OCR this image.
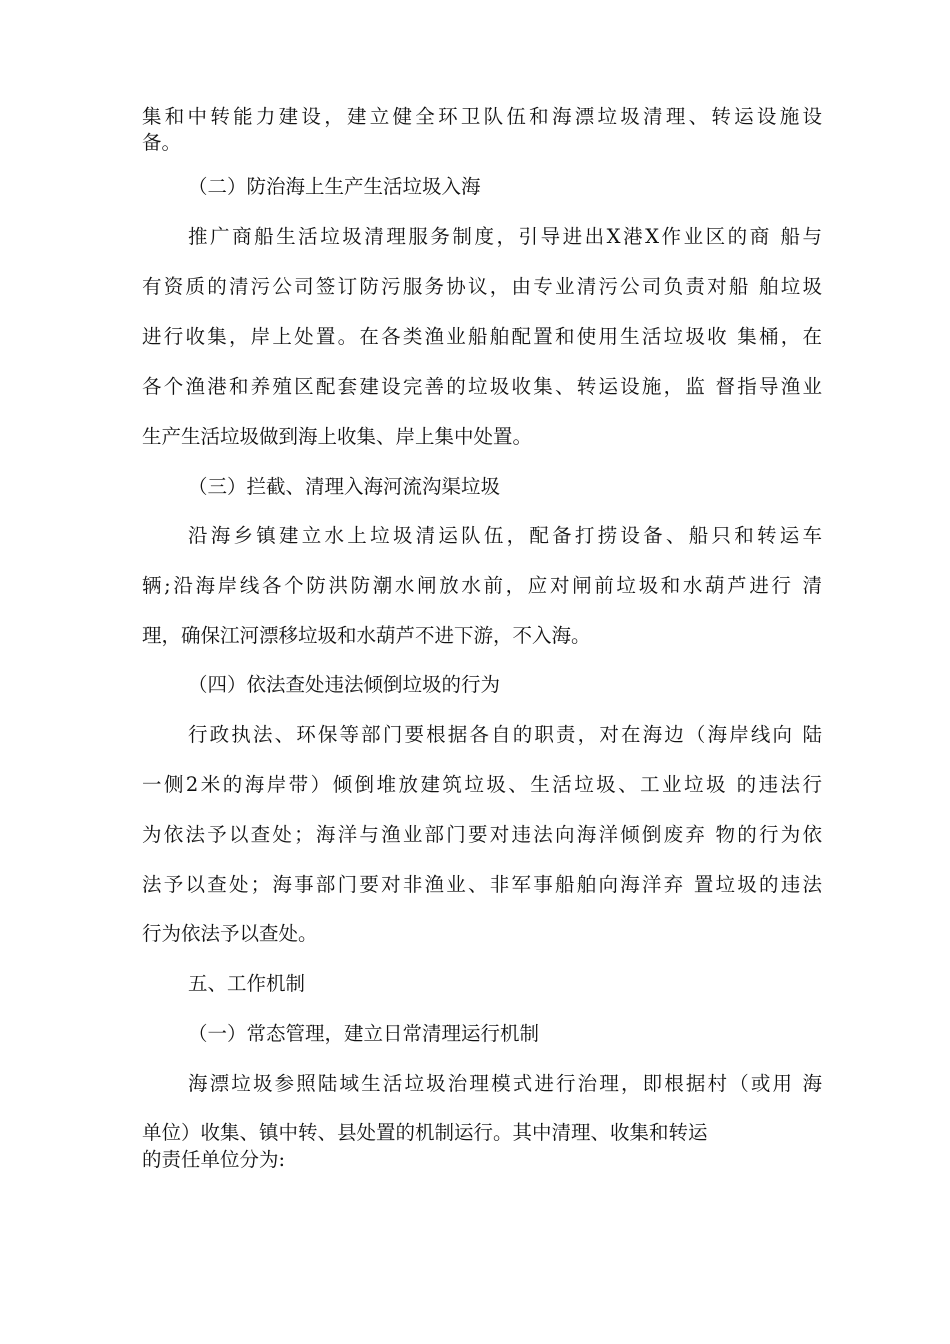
集和中转能力建设，建立健全环卫队伍和海漂垃圾清理、转运设施设
备。
（二）防治海上生产生活垃圾入海
推广商船生活垃圾清理服务制度，引导进出X港X作业区的商 船与
有资质的清污公司签订防污服务协议，由专业清污公司负责对船 舶垃圾
进行收集，岸上处置。在各类渔业船舶配置和使用生活垃圾收 集桶，在
各个渔港和养殖区配套建设完善的垃圾收集、转运设施，监 督指导渔业
生产生活垃圾做到海上收集、岸上集中处置。
（三）拦截、清理入海河流沟渠垃圾
沿海乡镇建立水上垃圾清运队伍，配备打捞设备、船只和转运车
辆;沿海岸线各个防洪防潮水闸放水前，应对闸前垃圾和水葫芦进行 清
理，确保江河漂移垃圾和水葫芦不进下游，不入海。
（四）依法查处违法倾倒垃圾的行为
行政执法、环保等部门要根据各自的职责，对在海边（海岸线向 陆
一侧2米的海岸带）倾倒堆放建筑垃圾、生活垃圾、工业垃圾 的违法行
为依法予以查处；海洋与渔业部门要对违法向海洋倾倒废弃 物的行为依
法予以查处；海事部门要对非渔业、非军事船舶向海洋弃 置垃圾的违法
行为依法予以查处。
五、工作机制
（一）常态管理，建立日常清理运行机制
海漂垃圾参照陆域生活垃圾治理模式进行治理，即根据村（或用 海
单位）收集、镇中转、县处置的机制运行。其中清理、收集和转运
的责任单位分为:
